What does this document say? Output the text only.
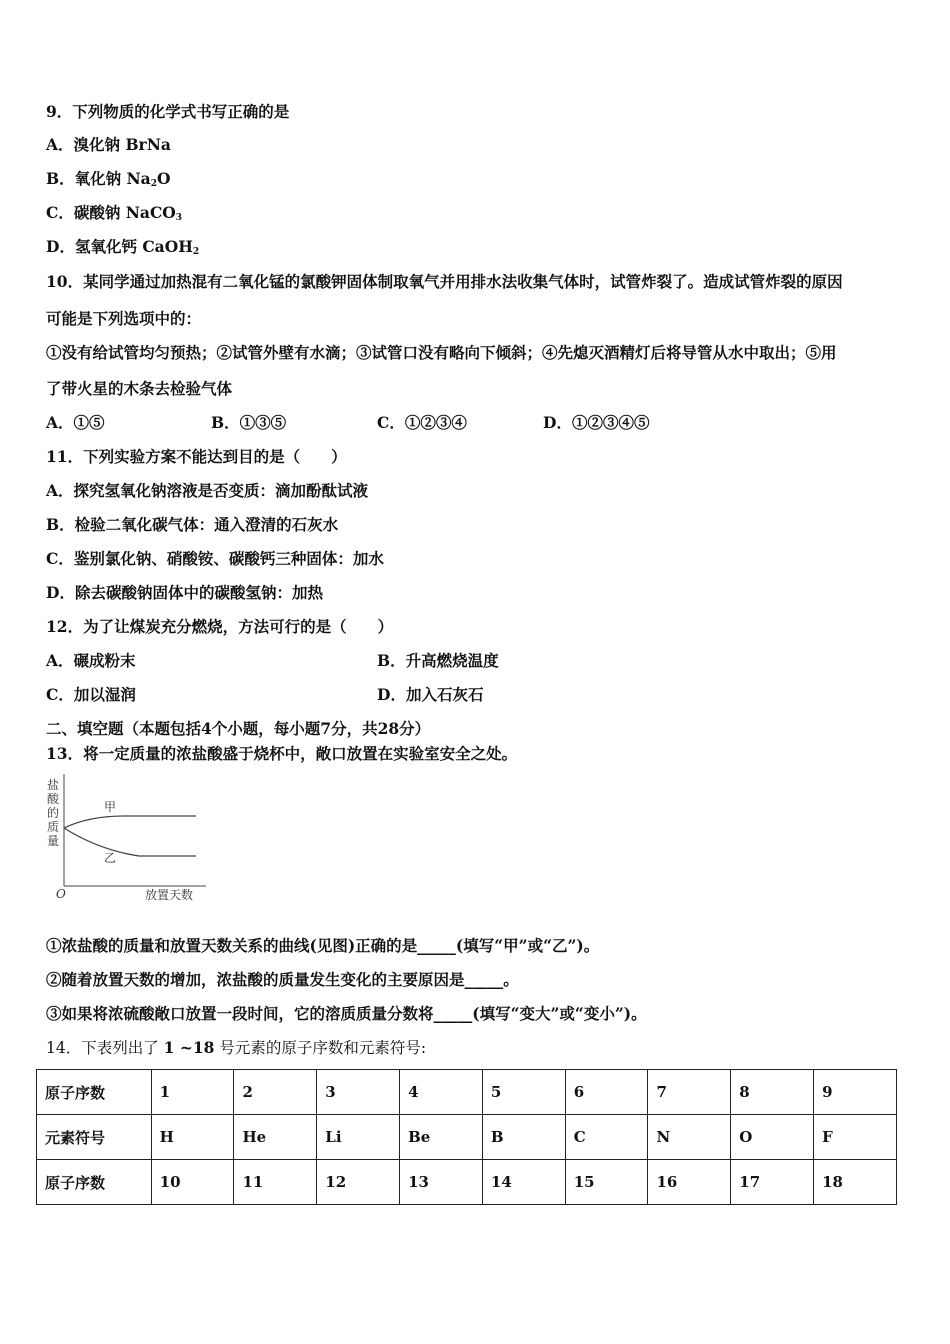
9．下列物质的化学式书写正确的是
A．溴化钠 BrNa
B．氧化钠 $Na_2O$
C．碳酸钠 NaCO$_3$
D．氢氧化钙 CaOH$_2$
10．某同学通过加热混有二氧化锰的氯酸钾固体制取氧气并用排水法收集气体时，试管炸裂了。造成试管炸裂的原因
可能是下列选项中的：
①没有给试管均匀预热；②试管外壁有水滴；③试管口没有略向下倾斜；④先熄灭酒精灯后将导管从水中取出；⑤用
了带火星的木条去检验气体
A．①⑤	B．①③⑤	C．①②③④	D．①②③④⑤
11．下列实验方案不能达到目的是（　　）
A．探究氢氧化钠溶液是否变质：滴加酚酞试液
B．检验二氧化碳气体：通入澄清的石灰水
C．鉴别氯化钠、硝酸铵、碳酸钙三种固体：加水
D．除去碳酸钠固体中的碳酸氢钠：加热
12．为了让煤炭充分燃烧，方法可行的是（　　）
A．碾成粉末	B．升高燃烧温度
C．加以湿润	D．加入石灰石
二、填空题（本题包括4个小题，每小题7分，共28分）
13．将一定质量的浓盐酸盛于烧杯中，敞口放置在实验室安全之处。
盐
酸
的
质
量
甲
乙
O	放置天数
①浓盐酸的质量和放置天数关系的曲线(见图)正确的是_____(填写“甲”或“乙”)。
②随着放置天数的增加，浓盐酸的质量发生变化的主要原因是_____。
③如果将浓硫酸敞口放置一段时间，它的溶质质量分数将_____(填写“变大”或“变小”)。
14．下表列出了 1 ~18 号元素的原子序数和元素符号:
原子序数	1	2	3	4	5	6	7	8	9
元素符号	H	He	Li	Be	B	C	N	O	F
原子序数	10	11	12	13	14	15	16	17	18
